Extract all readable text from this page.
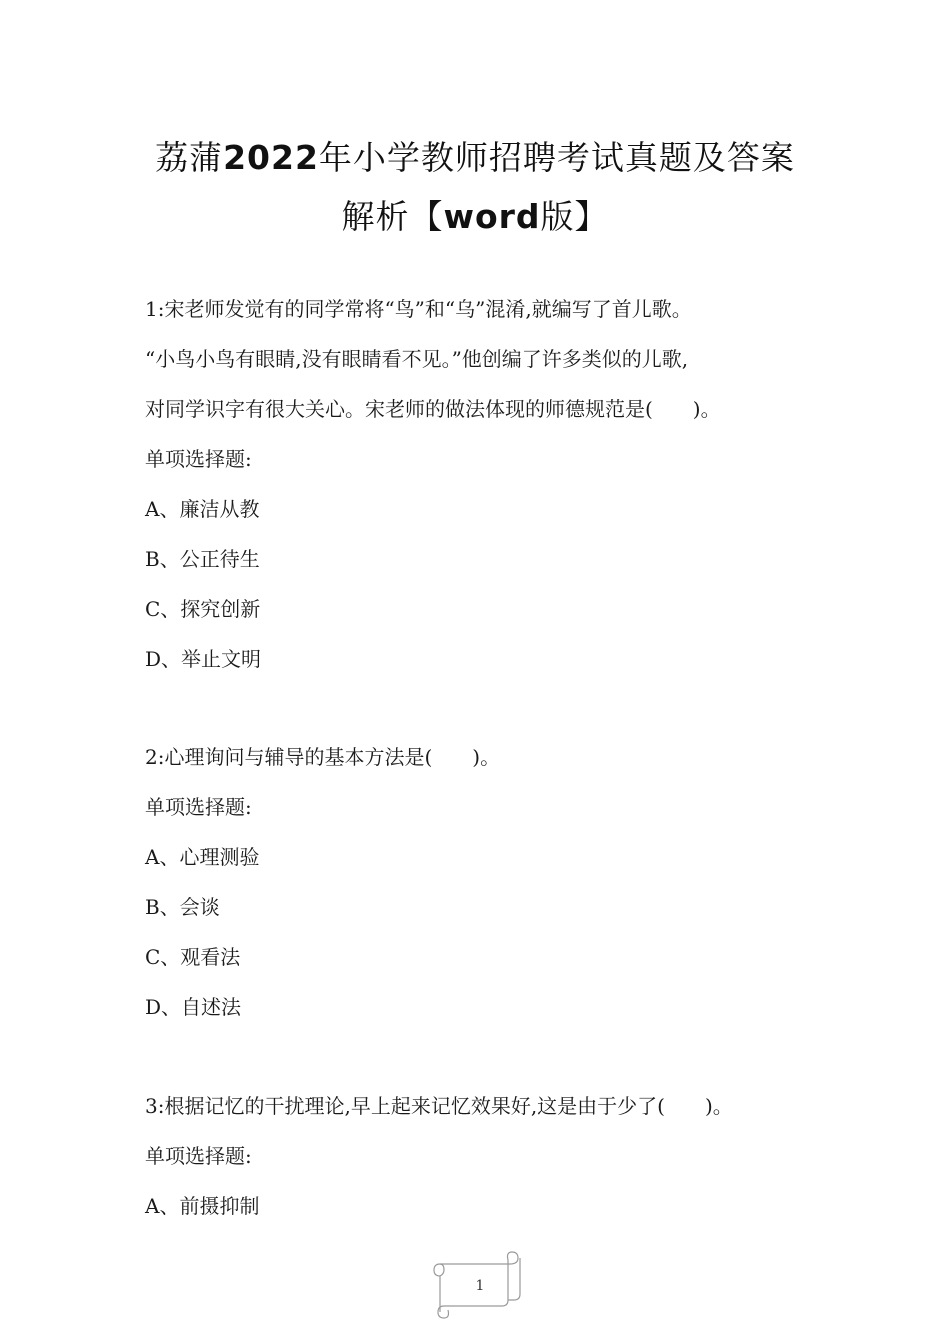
荔蒲2022年小学教师招聘考试真题及答案
解析【word版】
1:宋老师发觉有的同学常将“鸟”和“乌”混淆,就编写了首儿歌。
“小鸟小鸟有眼睛,没有眼睛看不见。”他创编了许多类似的儿歌,
对同学识字有很大关心。宋老师的做法体现的师德规范是(　　)。
单项选择题:
A、廉洁从教
B、公正待生
C、探究创新
D、举止文明
2:心理询问与辅导的基本方法是(　　)。
单项选择题:
A、心理测验
B、会谈
C、观看法
D、自述法
3:根据记忆的干扰理论,早上起来记忆效果好,这是由于少了(　　)。
单项选择题:
A、前摄抑制
1
